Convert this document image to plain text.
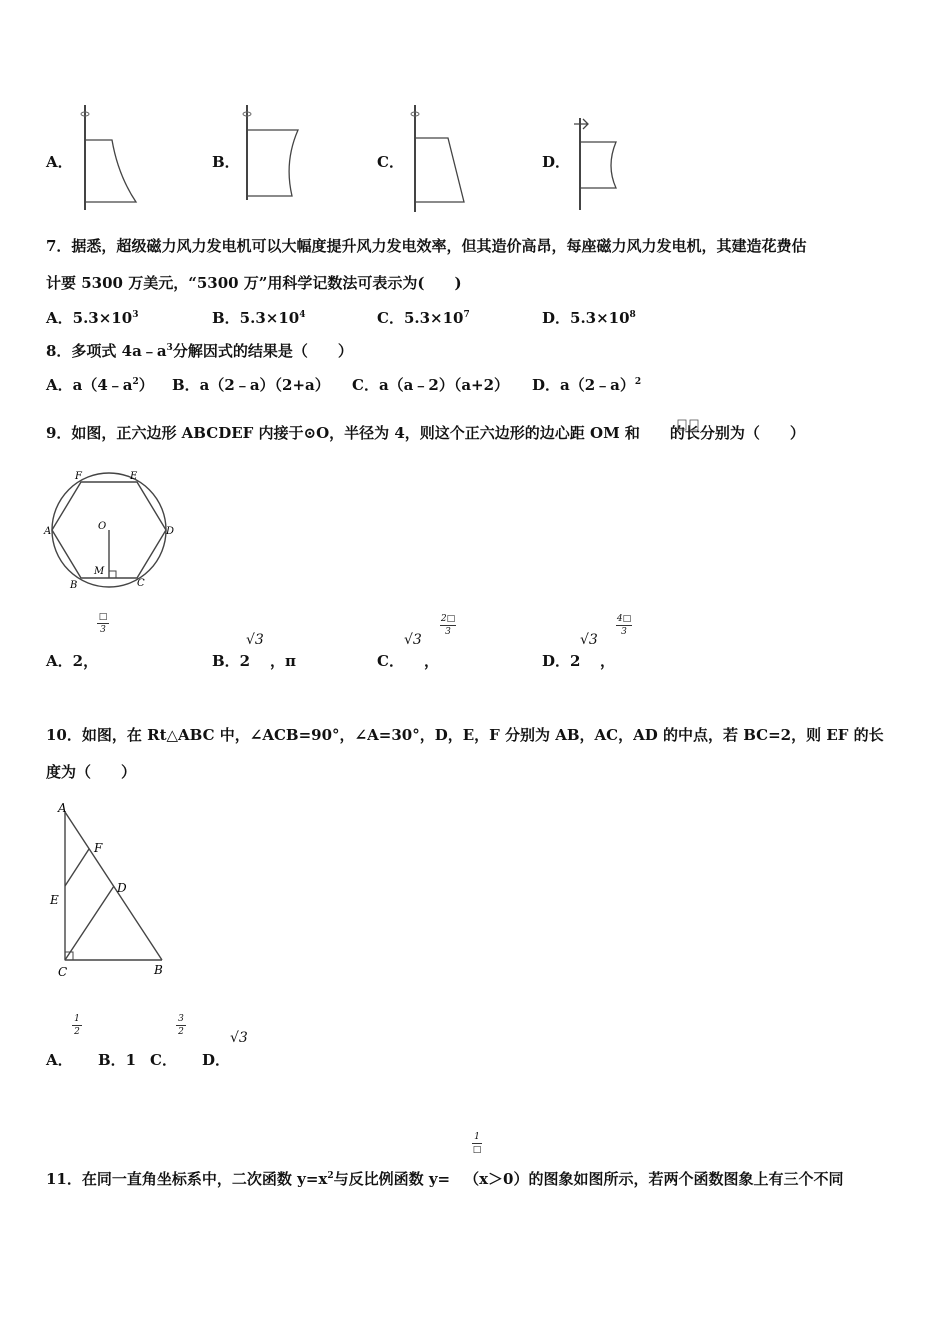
A．	B．	C．	D．
7．据悉，超级磁力风力发电机可以大幅度提升风力发电效率，但其造价高昂，每座磁力风力发电机，其建造花费估
计要 5300 万美元，“5300 万”用科学记数法可表示为(　　)
A．$5.3\times 10^3$	B．$5.3\times 10^4$	C．$5.3\times 10^7$	D．$5.3\times 10^8$
8．多项式 $4a﹣a^3$分解因式的结果是（　　）
A．$a(4﹣a^2)$ B．a（2﹣a）（2+a） C．a（a﹣2）（a+2） D．a（2﹣a）$^2$
9．如图，正六边形 ABCDEF 内接于⊙O，半径为 4，则这个正六边形的边心距 OM 和 的长分别为（　　）
F	E
A	O	D
M
B	C
□
3
A．2，	B．2
√3
，π	C．
√3
，
2□
3
D．2
√3
，
4□
3
10．如图，在 Rt△ABC 中，∠ACB=90°，∠A=30°，D，E，F 分别为 AB，AC，AD 的中点，若 BC=2，则 EF 的长
度为（　　）
A
F
E
D
C	B
1
2
A． B．1 C．
3
2
D．
√3
1
□
11．在同一直角坐标系中，二次函数 $y=x^2$与反比例函数 y= （x＞0）的图象如图所示，若两个函数图象上有三个不同
